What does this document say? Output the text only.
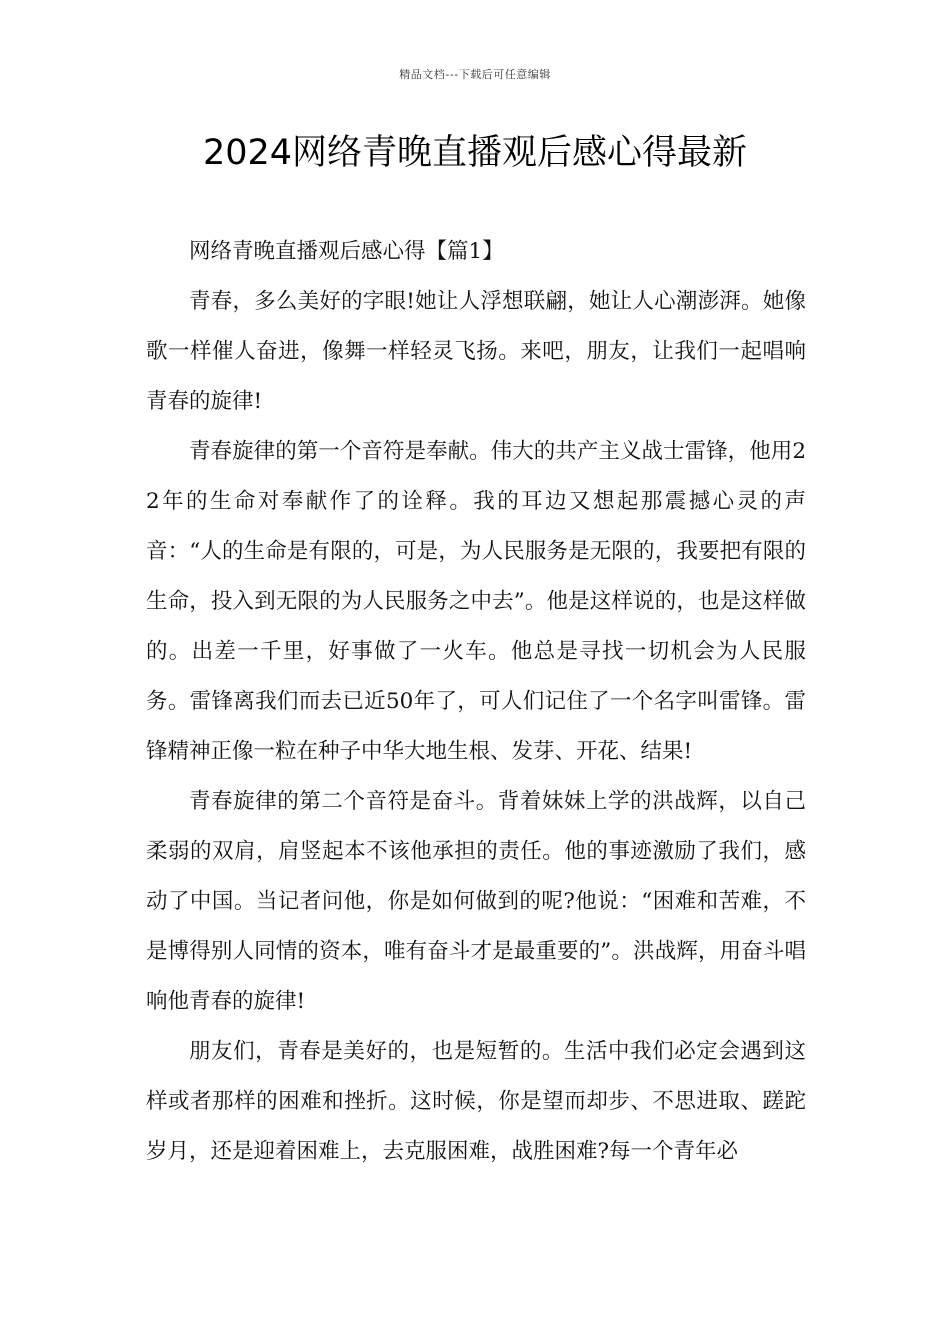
精品文档---下载后可任意编辑
2024网络青晚直播观后感心得最新

网络青晚直播观后感心得【篇1】

青春，多么美好的字眼!她让人浮想联翩，她让人心潮澎湃。她像歌一样催人奋进，像舞一样轻灵飞扬。来吧，朋友，让我们一起唱响青春的旋律!

青春旋律的第一个音符是奉献。伟大的共产主义战士雷锋，他用22年的生命对奉献作了的诠释。我的耳边又想起那震撼心灵的声音：“人的生命是有限的，可是，为人民服务是无限的，我要把有限的生命，投入到无限的为人民服务之中去”。他是这样说的，也是这样做的。出差一千里，好事做了一火车。他总是寻找一切机会为人民服务。雷锋离我们而去已近50年了，可人们记住了一个名字叫雷锋。雷锋精神正像一粒在种子中华大地生根、发芽、开花、结果!

青春旋律的第二个音符是奋斗。背着妹妹上学的洪战辉，以自己柔弱的双肩，肩竖起本不该他承担的责任。他的事迹激励了我们，感动了中国。当记者问他，你是如何做到的呢?他说：“困难和苦难，不是博得别人同情的资本，唯有奋斗才是最重要的”。洪战辉，用奋斗唱响他青春的旋律!

朋友们，青春是美好的，也是短暂的。生活中我们必定会遇到这样或者那样的困难和挫折。这时候，你是望而却步、不思进取、蹉跎岁月，还是迎着困难上，去克服困难，战胜困难?每一个青年必
